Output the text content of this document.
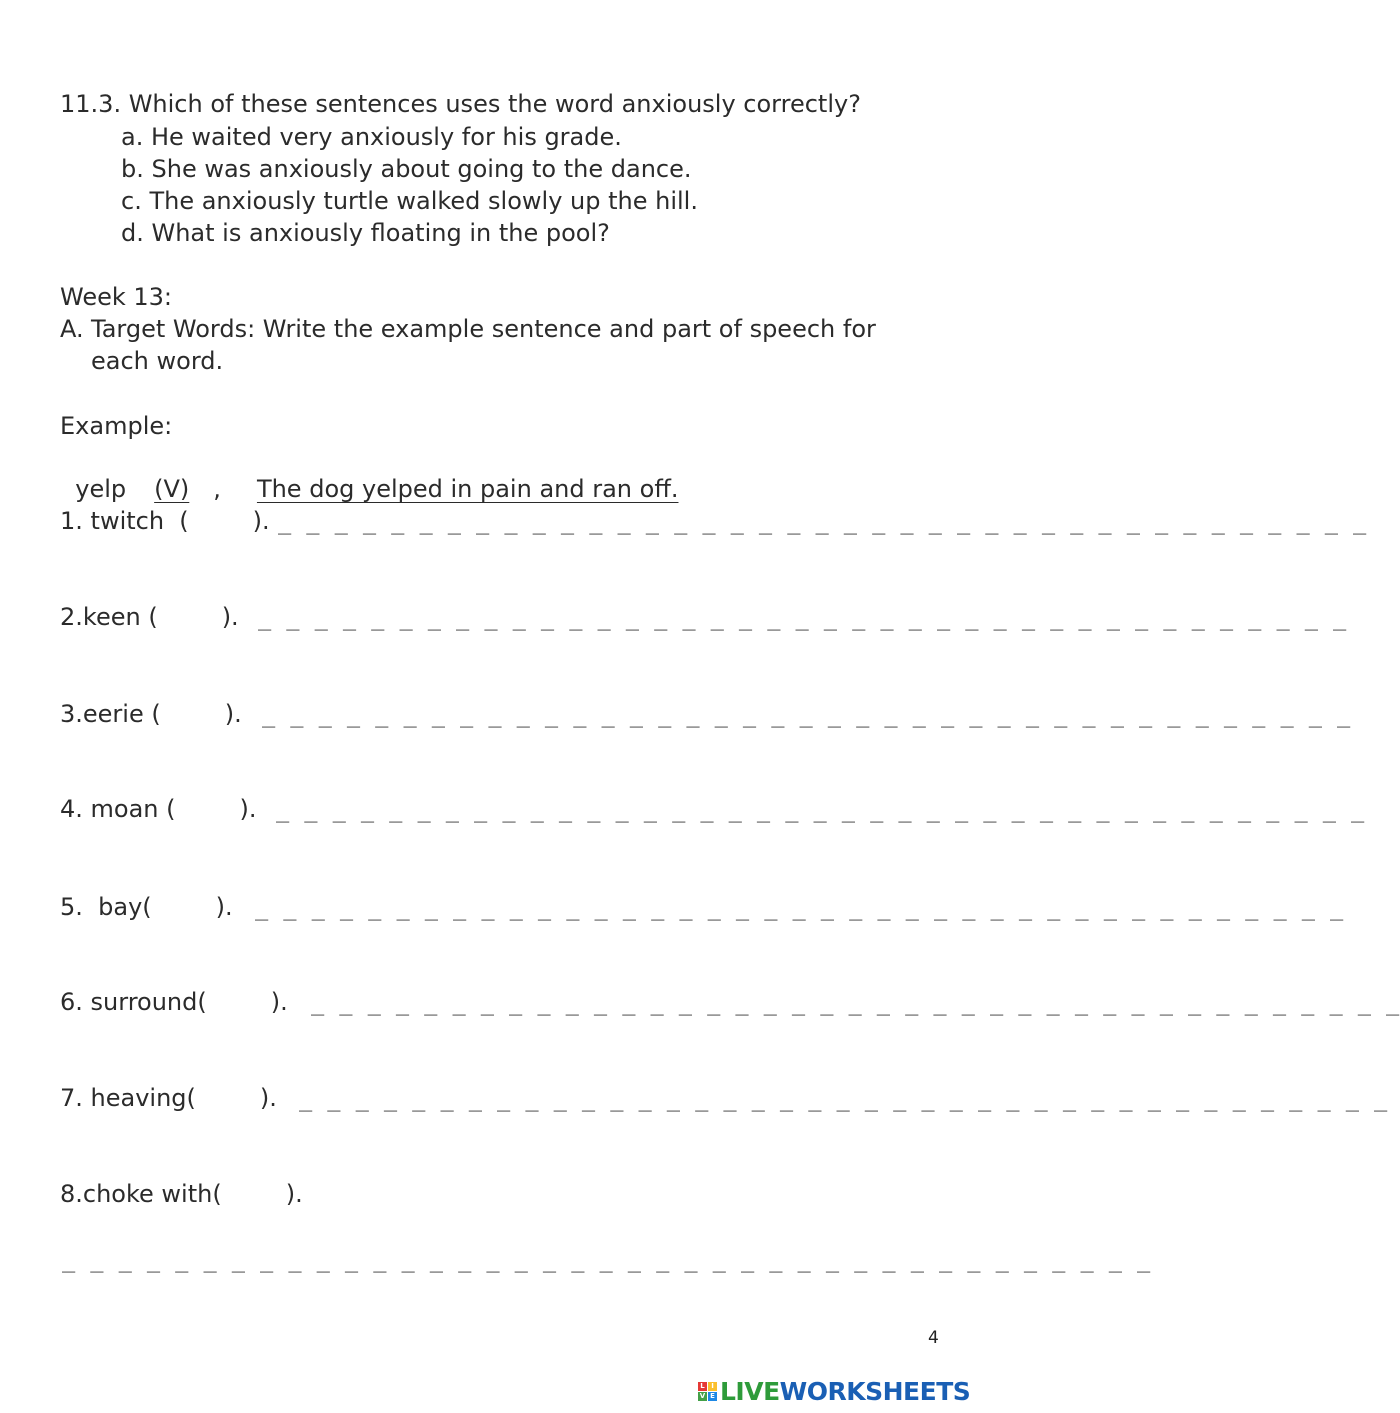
11.3. Which of these sentences uses the word anxiously correctly?
a. He waited very anxiously for his grade.
b. She was anxiously about going to the dance.
c. The anxiously turtle walked slowly up the hill.
d. What is anxiously floating in the pool?
Week 13:
A. Target Words: Write the example sentence and part of speech for
each word.
Example:

yelp (V) , The dog yelped in pain and ran off.

1. twitch  (	). _ _ _ _ _ _ _ _ _ _ _ _ _ _ _ _ _ _ _ _ _ _ _ _ _ _ _ _ _ _ _ _ _ _ _ _ _ _ _
2.keen (	). _ _ _ _ _ _ _ _ _ _ _ _ _ _ _ _ _ _ _ _ _ _ _ _ _ _ _ _ _ _ _ _ _ _ _ _ _ _ _
3.eerie (	). _ _ _ _ _ _ _ _ _ _ _ _ _ _ _ _ _ _ _ _ _ _ _ _ _ _ _ _ _ _ _ _ _ _ _ _ _ _ _
4. moan (	). _ _ _ _ _ _ _ _ _ _ _ _ _ _ _ _ _ _ _ _ _ _ _ _ _ _ _ _ _ _ _ _ _ _ _ _ _ _ _
5.  bay(	). _ _ _ _ _ _ _ _ _ _ _ _ _ _ _ _ _ _ _ _ _ _ _ _ _ _ _ _ _ _ _ _ _ _ _ _ _ _ _
6. surround(	). _ _ _ _ _ _ _ _ _ _ _ _ _ _ _ _ _ _ _ _ _ _ _ _ _ _ _ _ _ _ _ _ _ _ _ _ _ _ _
7. heaving(	). _ _ _ _ _ _ _ _ _ _ _ _ _ _ _ _ _ _ _ _ _ _ _ _ _ _ _ _ _ _ _ _ _ _ _ _ _ _ _
8.choke with(	).
_ _ _ _ _ _ _ _ _ _ _ _ _ _ _ _ _ _ _ _ _ _ _ _ _ _ _ _ _ _ _ _ _ _ _ _ _ _ _
4
L I
V E LIVE WORKSHEETS
